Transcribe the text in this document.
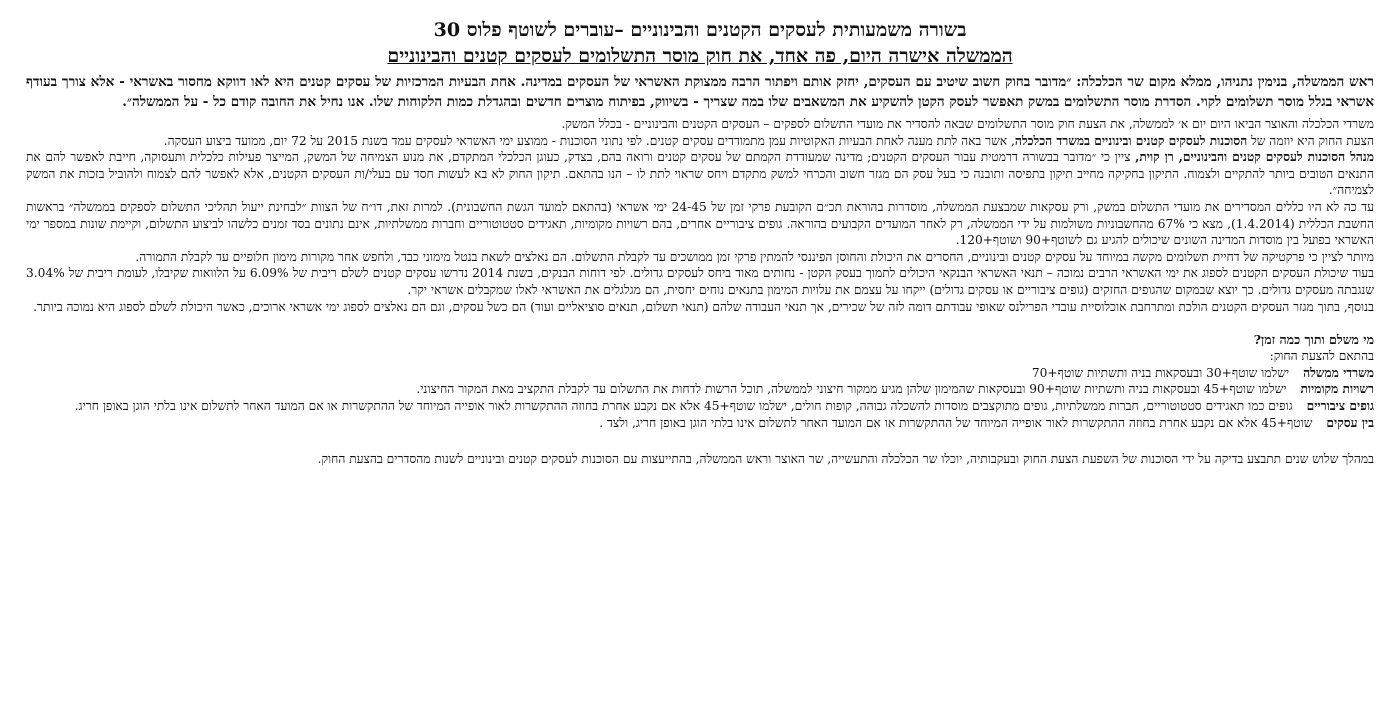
בשורה משמעותית לעסקים הקטנים והבינוניים –עוברים לשוטף פלוס 30
הממשלה אישרה היום, פה אחד, את חוק מוסר התשלומים לעסקים קטנים והבינוניים

ראש הממשלה, בנימין נתניהו, ממלא מקום שר הכלכלה: ״מדובר בחוק חשוב שיטיב עם העסקים, יחזק אותם ויפתור הרבה ממצוקת האשראי של העסקים במדינה. אחת הבעיות המרכזיות של עסקים קטנים היא לאו דווקא מחסור באשראי - אלא צורך בעודף אשראי בגלל מוסר תשלומים לקוי. הסדרת מוסר התשלומים במשק תאפשר לעסק הקטן להשקיע את המשאבים שלו במה שצריך - בשיווק, בפיתוח מוצרים חדשים ובהגדלת כמות הלקוחות שלו. אנו נחיל את החובה קודם כל - על הממשלה״.

משרדי הכלכלה והאוצר הביאו היום יום א׳ לממשלה, את הצעת חוק מוסר התשלומים שבאה להסדיר את מועדי התשלום לספקים – העסקים הקטנים והבינוניים - בכלל המשק.

הצעת החוק היא יוזמה של הסוכנות לעסקים קטנים ובינוניים במשרד הכלכלה, אשר באה לתת מענה לאחת הבעיות האקוטיות עמן מתמודדים עסקים קטנים. לפי נתוני הסוכנות - ממוצע ימי האשראי לעסקים עמד בשנת 2015 על 72 יום, ממועד ביצוע העסקה.

מנהל הסוכנות לעסקים קטנים והבינוניים, רן קוית, ציין כי ״מדובר בבשורה דרמטית עבור העסקים הקטנים; מדינה שמעודדת הקמתם של עסקים קטנים ורואה בהם, בצדק, כעוגן הכלכלי המתקדם, את מנוע הצמיחה של המשק, המייצר פעילות כלכלית ותעסוקה, חייבת לאפשר להם את התנאים הטובים ביותר להתקיים ולצמוח. התיקון בחקיקה מחייב תיקון בתפיסה ותובנה כי בעל עסק הם מגזר חשוב והכרחי למשק מתקדם ויחס שראוי לתת לו – הנו בהתאם. תיקון החוק לא בא לעשות חסד עם בעלי/ות העסקים הקטנים, אלא לאפשר להם לצמוח ולהוביל בזכות את המשק לצמיחה״.

עד כה לא היו כללים המסדירים את מועדי התשלום במשק, ורק עסקאות שמבצעת הממשלה, מוסדרות בהוראת תכ״ם הקובעת פרקי זמן של 24-45 ימי אשראי (בהתאם למועד הגשת החשבונית). למרות זאת, דו״ח של הצוות ״לבחינת ייעול תהליכי התשלום לספקים בממשלה״ בראשות החשבת הכללית (1.4.2014), מצא כי 67% מהחשבוניות משולמות על ידי הממשלה, רק לאחר המועדים הקבועים בהוראה. גופים ציבוריים אחרים, בהם רשויות מקומיות, תאגידים סטטוטוריים וחברות ממשלתיות, אינם נתונים בסד זמנים כלשהו לביצוע התשלום, וקיימת שונות במספר ימי האשראי בפועל בין מוסדות המדינה השונים שיכולים להגיע גם לשוטף+90 ושוטף+120.

מיותר לציין כי פרקטיקה של דחיית תשלומים מקשה במיוחד על עסקים קטנים ובינוניים, החסרים את היכולת והחוסן הפיננסי להמתין פרקי זמן ממושכים עד לקבלת התשלום. הם נאלצים לשאת בנטל מימוני כבד, ולחפש אחר מקורות מימון חלופיים עד לקבלת התמורה.

בעוד שיכולת העסקים הקטנים לספוג את ימי האשראי הרבים נמוכה – תנאי האשראי הבנקאי היכולים לתמוך בעסק הקטן - נחותים מאוד ביחס לעסקים גדולים. לפי דוחות הבנקים, בשנת 2014 נדרשו עסקים קטנים לשלם ריבית של 6.09% על הלוואות שקיבלו, לעומת ריבית של 3.04% שנגבתה מעסקים גדולים. כך יוצא שבמקום שהגופים החזקים (גופים ציבוריים או עסקים גדולים) ייקחו על עצמם את עלויות המימון בתנאים נוחים יחסית, הם מגלגלים את האשראי לאלו שמקבלים אשראי יקר.

בנוסף, בתוך מגזר העסקים הקטנים הולכת ומתרחבת אוכלוסיית עובדי הפרילנס שאופי עבודתם דומה לזה של שכירים, אך תנאי העבודה שלהם (תנאי תשלום, תנאים סוציאליים ועוד) הם כשל עסקים, וגם הם נאלצים לספוג ימי אשראי ארוכים, כאשר היכולת לשלם לספוג היא נמוכה ביותר.

מי משלם ותוך כמה זמן?

בהתאם להצעת החוק:

משרדי ממשלה
ישלמו שוטף+30 ובעסקאות בניה ותשתיות שוטף+70
רשויות מקומיות
ישלמו שוטף+45 ובעסקאות בניה ותשתיות שוטף+90 ובעסקאות שהמימון שלהן מגיע ממקור חיצוני לממשלה, תוכל הרשות לדחות את התשלום עד לקבלת התקציב מאת המקור החיצוני.
גופים ציבוריים
גופים כמו תאגידים סטטוטוריים, חברות ממשלתיות, גופים מתוקצבים מוסדות להשכלה גבוהה, קופות חולים, ישלמו שוטף+45 אלא אם נקבע אחרת בחוזה ההתקשרות לאור אופייה המיוחד של ההתקשרות או אם המועד האחר לתשלום אינו בלתי הוגן באופן חריג.
בין עסקים
שוטף+45 אלא אם נקבע אחרת בחוזה ההתקשרות לאור אופייה המיוחד של ההתקשרות או אם המועד האחר לתשלום אינו בלתי הוגן באופן חריג, ולצד .

במהלך שלוש שנים תתבצע בדיקה על ידי הסוכנות של השפעת הצעת החוק ובעקבותיה, יוכלו שר הכלכלה והתעשייה, שר האוצר וראש הממשלה, בהתייעצות עם הסוכנות לעסקים קטנים ובינוניים לשנות מהסדרים בהצעת החוק.
